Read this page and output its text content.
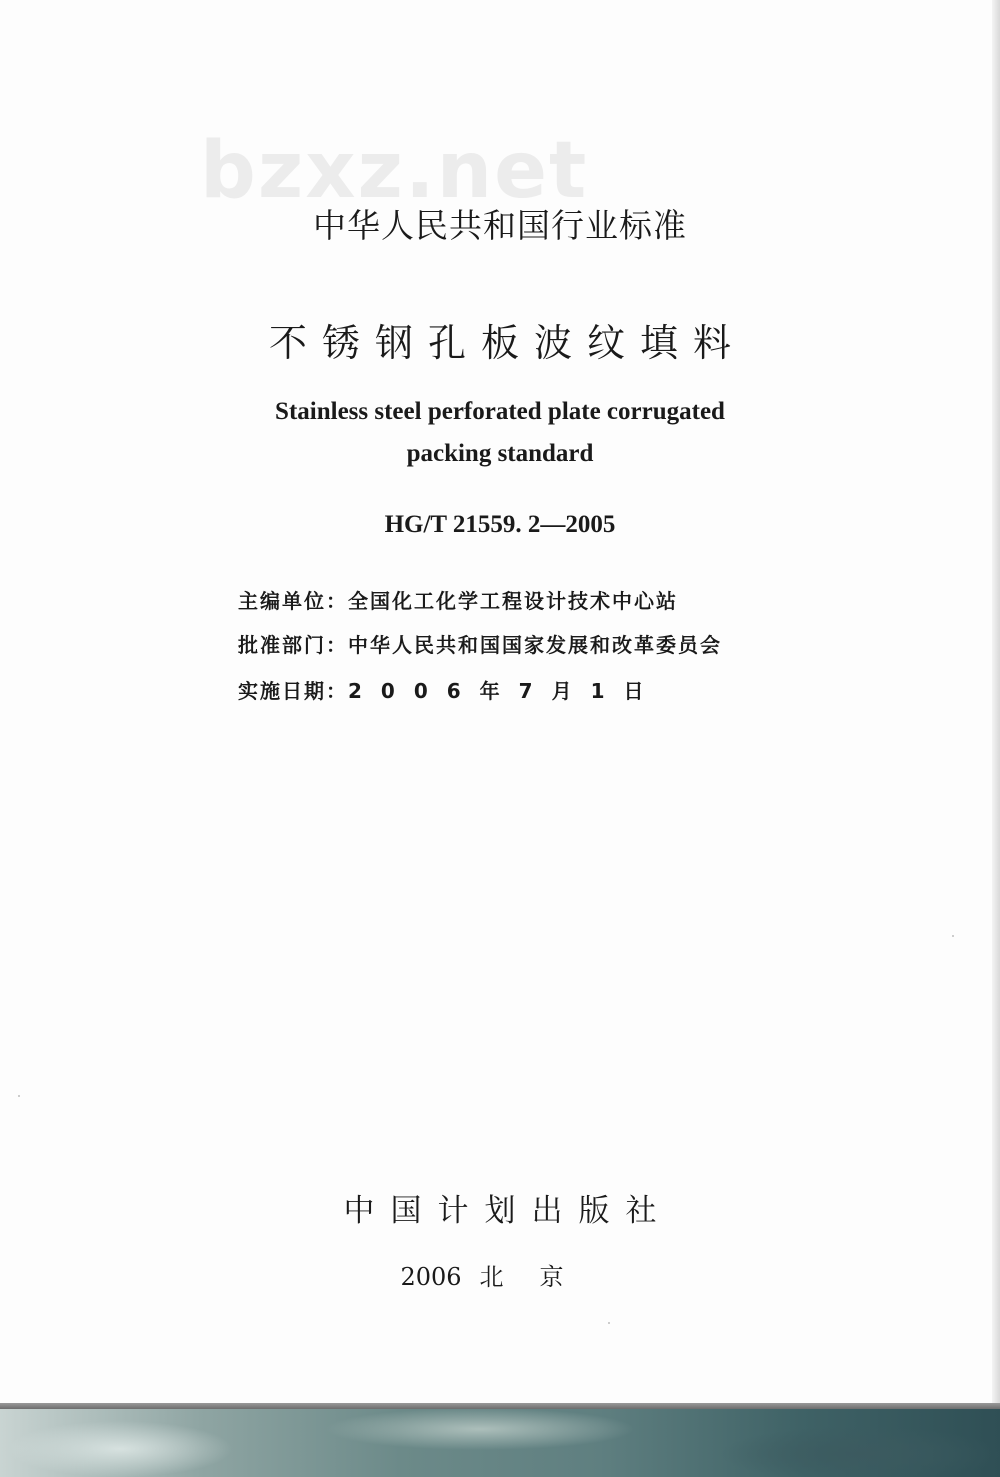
bzxz.net
中华人民共和国行业标准
不锈钢孔板波纹填料
Stainless steel perforated plate corrugated
packing standard
HG/T 21559. 2—2005
主编单位：全国化工化学工程设计技术中心站
批准部门：中华人民共和国国家发展和改革委员会
实施日期：2006年7月1日
中国计划出版社
2006 北京
